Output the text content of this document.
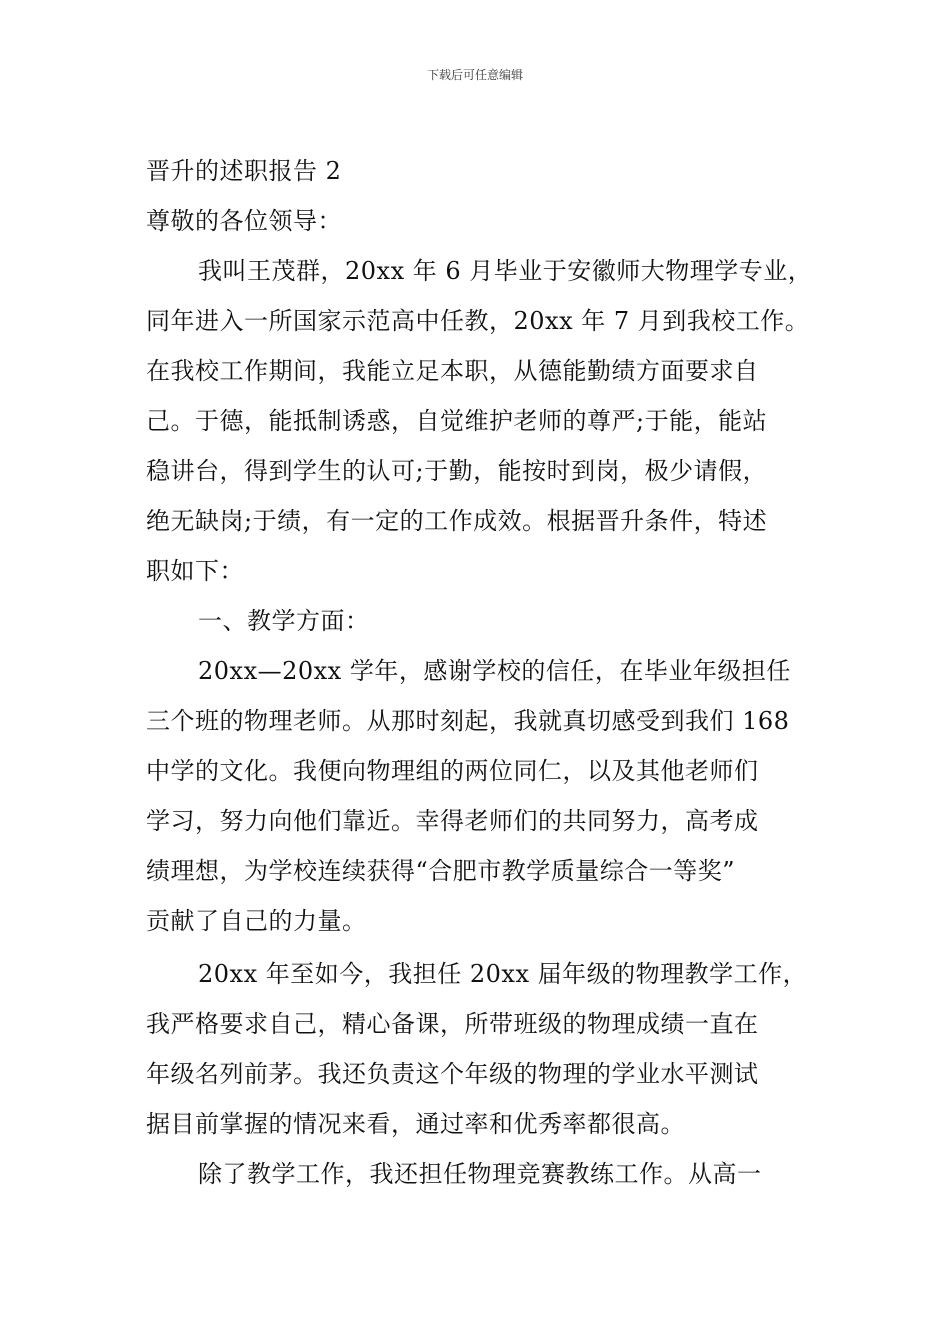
下载后可任意编辑
晋升的述职报告 2
尊敬的各位领导：
我叫王茂群，20xx 年 6 月毕业于安徽师大物理学专业，
同年进入一所国家示范高中任教，20xx 年 7 月到我校工作。
在我校工作期间，我能立足本职，从德能勤绩方面要求自
己。于德，能抵制诱惑，自觉维护老师的尊严;于能，能站
稳讲台，得到学生的认可;于勤，能按时到岗，极少请假，
绝无缺岗;于绩，有一定的工作成效。根据晋升条件，特述
职如下：
一、教学方面：
20xx—20xx 学年，感谢学校的信任，在毕业年级担任
三个班的物理老师。从那时刻起，我就真切感受到我们 168
中学的文化。我便向物理组的两位同仁，以及其他老师们
学习，努力向他们靠近。幸得老师们的共同努力，高考成
绩理想，为学校连续获得“合肥市教学质量综合一等奖”
贡献了自己的力量。
20xx 年至如今，我担任 20xx 届年级的物理教学工作，
我严格要求自己，精心备课，所带班级的物理成绩一直在
年级名列前茅。我还负责这个年级的物理的学业水平测试
据目前掌握的情况来看，通过率和优秀率都很高。
除了教学工作，我还担任物理竞赛教练工作。从高一
